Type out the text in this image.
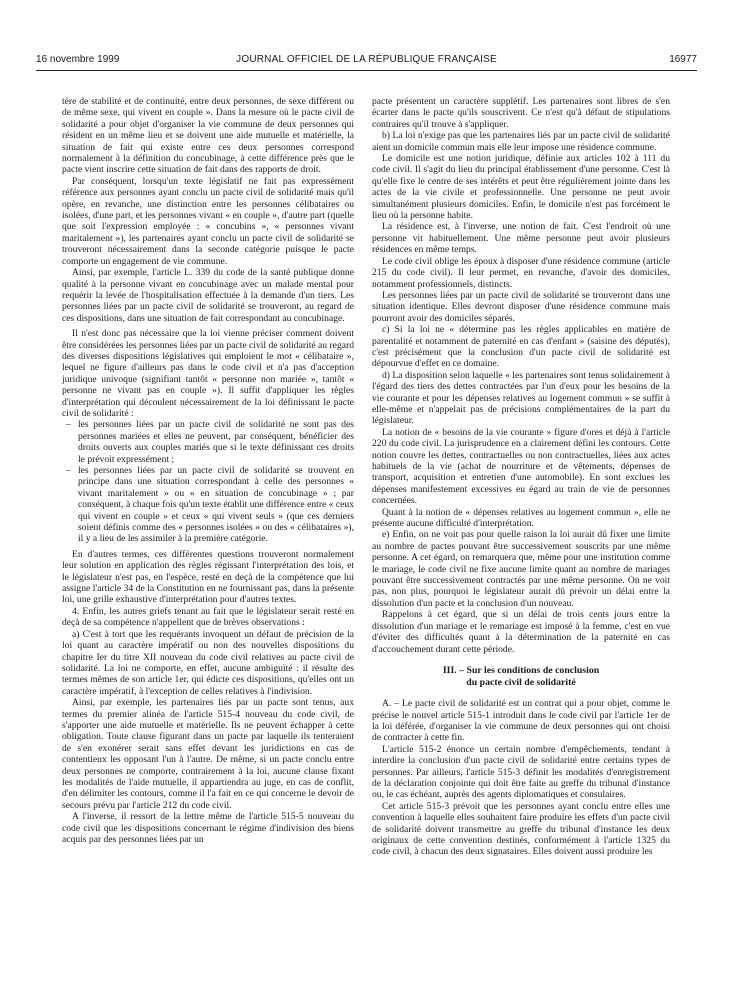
16 novembre 1999	JOURNAL OFFICIEL DE LA RÉPUBLIQUE FRANÇAISE	16977

tère de stabilité et de continuité, entre deux personnes, de sexe différent ou de même sexe, qui vivent en couple ». Dans la mesure où le pacte civil de solidarité a pour objet d'organiser la vie commune de deux personnes qui résident en un même lieu et se doivent une aide mutuelle et matérielle, la situation de fait qui existe entre ces deux personnes correspond normalement à la définition du concubinage, à cette différence près que le pacte vient inscrire cette situation de fait dans des rapports de droit.

Par conséquent, lorsqu'un texte législatif ne fait pas expressément référence aux personnes ayant conclu un pacte civil de solidarité mais qu'il opère, en revanche, une distinction entre les personnes célibataires ou isolées, d'une part, et les personnes vivant « en couple », d'autre part (quelle que soit l'expression employée : « concubins », « personnes vivant maritalement »), les partenaires ayant conclu un pacte civil de solidarité se trouveront nécessairement dans la seconde catégorie puisque le pacte comporte un engagement de vie commune.

Ainsi, par exemple, l'article L. 339 du code de la santé publique donne qualité à la personne vivant en concubinage avec un malade mental pour requérir la levée de l'hospitalisation effectuée à la demande d'un tiers. Les personnes liées par un pacte civil de solidarité se trouveront, au regard de ces dispositions, dans une situation de fait correspondant au concubinage.

Il n'est donc pas nécessaire que la loi vienne préciser comment doivent être considérées les personnes liées par un pacte civil de solidarité au regard des diverses dispositions législatives qui emploient le mot « célibataire », lequel ne figure d'ailleurs pas dans le code civil et n'a pas d'acception juridique univoque (signifiant tantôt « personne non mariée », tantôt « personne ne vivant pas en couple »). Il suffit d'appliquer les règles d'interprétation qui découlent nécessairement de la loi définissant le pacte civil de solidarité :

– les personnes liées par un pacte civil de solidarité ne sont pas des personnes mariées et elles ne peuvent, par conséquent, bénéficier des droits ouverts aux couples mariés que si le texte définissant ces droits le prévoit expressément ;
– les personnes liées par un pacte civil de solidarité se trouvent en principe dans une situation correspondant à celle des personnes « vivant maritalement » ou « en situation de concubinage » ; par conséquent, à chaque fois qu'un texte établit une différence entre « ceux qui vivent en couple » et ceux « qui vivent seuls » (que ces derniers soient définis comme des « personnes isolées » ou des « célibataires »), il y a lieu de les assimiler à la première catégorie.

En d'autres termes, ces différentes questions trouveront normalement leur solution en application des règles régissant l'interprétation des lois, et le législateur n'est pas, en l'espèce, resté en deçà de la compétence que lui assigne l'article 34 de la Constitution en ne fournissant pas, dans la présente loi, une grille exhaustive d'interprétation pour d'autres textes.

4. Enfin, les autres griefs tenant au fait que le législateur serait resté en deçà de sa compétence n'appellent que de brèves observations :

a) C'est à tort que les requérants invoquent un défaut de précision de la loi quant au caractère impératif ou non des nouvelles dispositions du chapitre Ier du titre XII nouveau du code civil relatives au pacte civil de solidarité. La loi ne comporte, en effet, aucune ambiguïté : il résulte des termes mêmes de son article 1er, qui édicte ces dispositions, qu'elles ont un caractère impératif, à l'exception de celles relatives à l'indivision.

Ainsi, par exemple, les partenaires liés par un pacte sont tenus, aux termes du premier alinéa de l'article 515-4 nouveau du code civil, de s'apporter une aide mutuelle et matérielle. Ils ne peuvent échapper à cette obligation. Toute clause figurant dans un pacte par laquelle ils tenteraient de s'en exonérer serait sans effet devant les juridictions en cas de contentieux les opposant l'un à l'autre. De même, si un pacte conclu entre deux personnes ne comporte, contrairement à la loi, aucune clause fixant les modalités de l'aide mutuelle, il appartiendra au juge, en cas de conflit, d'en délimiter les contours, comme il l'a fait en ce qui concerne le devoir de secours prévu par l'article 212 du code civil.

A l'inverse, il ressort de la lettre même de l'article 515-5 nouveau du code civil que les dispositions concernant le régime d'indivision des biens acquis par des personnes liées par un

pacte présentent un caractère supplétif. Les partenaires sont libres de s'en écarter dans le pacte qu'ils souscrivent. Ce n'est qu'à défaut de stipulations contraires qu'il trouve à s'appliquer.

b) La loi n'exige pas que les partenaires liés par un pacte civil de solidarité aient un domicile commun mais elle leur impose une résidence commune.

Le domicile est une notion juridique, définie aux articles 102 à 111 du code civil. Il s'agit du lieu du principal établissement d'une personne. C'est là qu'elle fixe le centre de ses intérêts et peut être régulièrement jointe dans les actes de la vie civile et professionnelle. Une personne ne peut avoir simultanément plusieurs domiciles. Enfin, le domicile n'est pas forcément le lieu où la personne habite.

La résidence est, à l'inverse, une notion de fait. C'est l'endroit où une personne vit habituellement. Une même personne peut avoir plusieurs résidences en même temps.

Le code civil oblige les époux à disposer d'une résidence commune (article 215 du code civil). Il leur permet, en revanche, d'avoir des domiciles, notamment professionnels, distincts.

Les personnes liées par un pacte civil de solidarité se trouveront dans une situation identique. Elles devront disposer d'une résidence commune mais pourront avoir des domiciles séparés.

c) Si la loi ne « détermine pas les règles applicables en matière de parentalité et notamment de paternité en cas d'enfant » (saisine des députés), c'est précisément que la conclusion d'un pacte civil de solidarité est dépourvue d'effet en ce domaine.

d) La disposition selon laquelle « les partenaires sont tenus solidairement à l'égard des tiers des dettes contractées par l'un d'eux pour les besoins de la vie courante et pour les dépenses relatives au logement commun » se suffit à elle-même et n'appelait pas de précisions complémentaires de la part du législateur.

La notion de « besoins de la vie courante » figure d'ores et déjà à l'article 220 du code civil. La jurisprudence en a clairement défini les contours. Cette notion couvre les dettes, contractuelles ou non contractuelles, liées aux actes habituels de la vie (achat de nourriture et de vêtements, dépenses de transport, acquisition et entretien d'une automobile). En sont exclues les dépenses manifestement excessives eu égard au train de vie de personnes concernées.

Quant à la notion de « dépenses relatives au logement commun », elle ne présente aucune difficulté d'interprétation.

e) Enfin, on ne voit pas pour quelle raison la loi aurait dû fixer une limite au nombre de pactes pouvant être successivement souscrits par une même personne. A cet égard, on remarquera que, même pour une institution comme le mariage, le code civil ne fixe aucune limite quant au nombre de mariages pouvant être successivement contractés par une même personne. On ne voit pas, non plus, pourquoi le législateur aurait dû prévoir un délai entre la dissolution d'un pacte et la conclusion d'un nouveau.

Rappelons à cet égard, que si un délai de trois cents jours entre la dissolution d'un mariage et le remariage est imposé à la femme, c'est en vue d'éviter des difficultés quant à la détermination de la paternité en cas d'accouchement durant cette période.

III. – Sur les conditions de conclusion
du pacte civil de solidarité

A. – Le pacte civil de solidarité est un contrat qui a pour objet, comme le précise le nouvel article 515-1 introduit dans le code civil par l'article 1er de la loi déférée, d'organiser la vie commune de deux personnes qui ont choisi de contracter à cette fin.

L'article 515-2 énonce un certain nombre d'empêchements, tendant à interdire la conclusion d'un pacte civil de solidarité entre certains types de personnes. Par ailleurs, l'article 515-3 définit les modalités d'enregistrement de la déclaration conjointe qui doit être faite au greffe du tribunal d'instance ou, le cas échéant, auprès des agents diplomatiques et consulaires.

Cet article 515-3 prévoit que les personnes ayant conclu entre elles une convention à laquelle elles souhaitent faire produire les effets d'un pacte civil de solidarité doivent transmettre au greffe du tribunal d'instance les deux originaux de cette convention destinés, conformément à l'article 1325 du code civil, à chacun des deux signataires. Elles doivent aussi produire les
